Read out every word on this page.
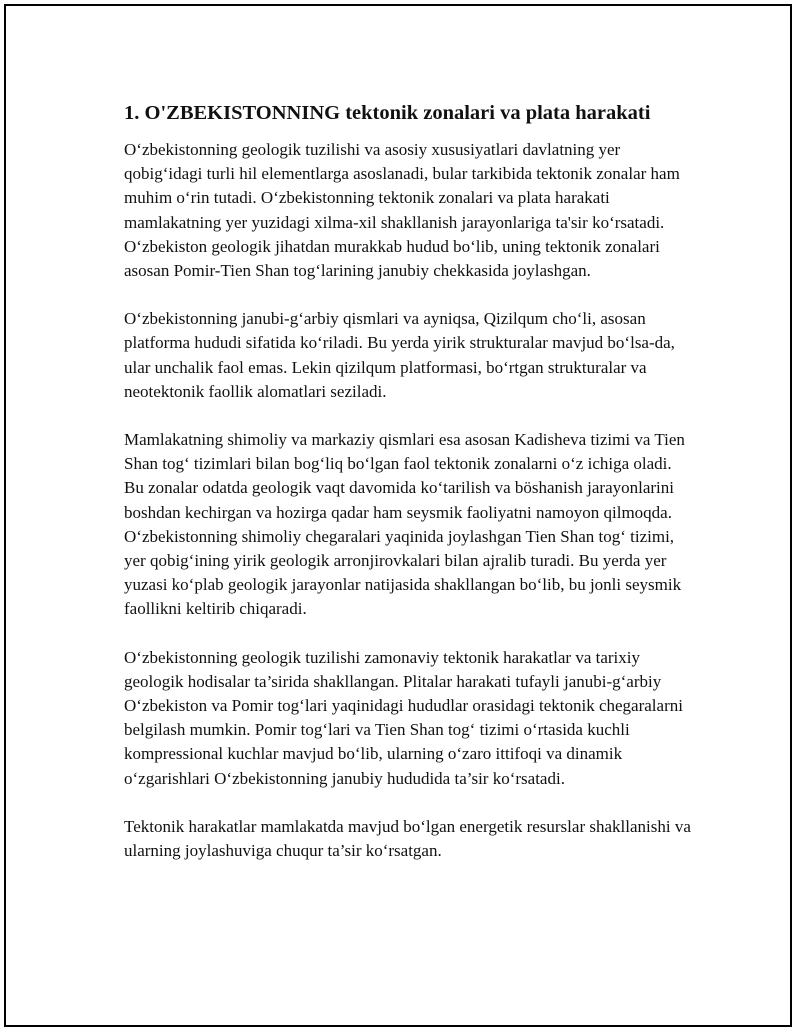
1. O'ZBEKISTONNING tektonik zonalari va plata harakati

O‘zbekistonning geologik tuzilishi va asosiy xususiyatlari davlatning yer qobig‘idagi turli hil elementlarga asoslanadi, bular tarkibida tektonik zonalar ham muhim o‘rin tutadi. O‘zbekistonning tektonik zonalari va plata harakati mamlakatning yer yuzidagi xilma-xil shakllanish jarayonlariga ta'sir ko‘rsatadi. O‘zbekiston geologik jihatdan murakkab hudud bo‘lib, uning tektonik zonalari asosan Pomir-Tien Shan tog‘larining janubiy chekkasida joylashgan.

O‘zbekistonning janubi-g‘arbiy qismlari va ayniqsa, Qizilqum cho‘li, asosan platforma hududi sifatida ko‘riladi. Bu yerda yirik strukturalar mavjud bo‘lsa-da, ular unchalik faol emas. Lekin qizilqum platformasi, bo‘rtgan strukturalar va neotektonik faollik alomatlari seziladi.

Mamlakatning shimoliy va markaziy qismlari esa asosan Kadisheva tizimi va Tien Shan tog‘ tizimlari bilan bog‘liq bo‘lgan faol tektonik zonalarni o‘z ichiga oladi. Bu zonalar odatda geologik vaqt davomida ko‘tarilish va böshanish jarayonlarini boshdan kechirgan va hozirga qadar ham seysmik faoliyatni namoyon qilmoqda. O‘zbekistonning shimoliy chegaralari yaqinida joylashgan Tien Shan tog‘ tizimi, yer qobig‘ining yirik geologik arronjirovkalari bilan ajralib turadi. Bu yerda yer yuzasi ko‘plab geologik jarayonlar natijasida shakllangan bo‘lib, bu jonli seysmik faollikni keltirib chiqaradi.

O‘zbekistonning geologik tuzilishi zamonaviy tektonik harakatlar va tarixiy geologik hodisalar ta’sirida shakllangan. Plitalar harakati tufayli janubi-g‘arbiy O‘zbekiston va Pomir tog‘lari yaqinidagi hududlar orasidagi tektonik chegaralarni belgilash mumkin. Pomir tog‘lari va Tien Shan tog‘ tizimi o‘rtasida kuchli kompressional kuchlar mavjud bo‘lib, ularning o‘zaro ittifoqi va dinamik o‘zgarishlari O‘zbekistonning janubiy hududida ta’sir ko‘rsatadi.

Tektonik harakatlar mamlakatda mavjud bo‘lgan energetik resurslar shakllanishi va ularning joylashuviga chuqur ta’sir ko‘rsatgan.
